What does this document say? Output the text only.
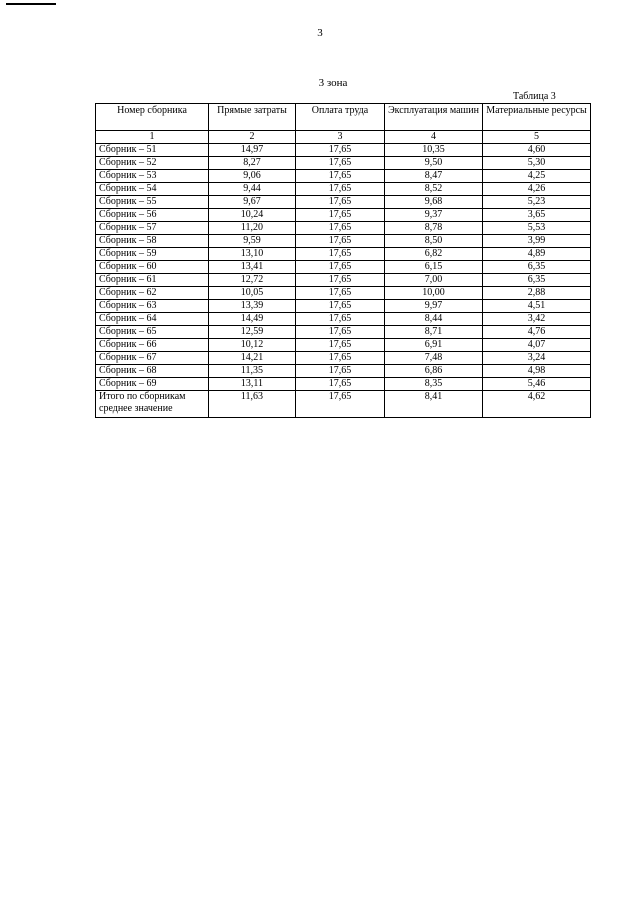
3
3 зона
Таблица 3
Номер сборника	Прямые затраты	Оплата труда	Эксплуатация машин	Материальные ресурсы
1	2	3	4	5
Сборник – 51	14,97	17,65	10,35	4,60
Сборник – 52	8,27	17,65	9,50	5,30
Сборник – 53	9,06	17,65	8,47	4,25
Сборник – 54	9,44	17,65	8,52	4,26
Сборник – 55	9,67	17,65	9,68	5,23
Сборник – 56	10,24	17,65	9,37	3,65
Сборник – 57	11,20	17,65	8,78	5,53
Сборник – 58	9,59	17,65	8,50	3,99
Сборник – 59	13,10	17,65	6,82	4,89
Сборник – 60	13,41	17,65	6,15	6,35
Сборник – 61	12,72	17,65	7,00	6,35
Сборник – 62	10,05	17,65	10,00	2,88
Сборник – 63	13,39	17,65	9,97	4,51
Сборник – 64	14,49	17,65	8,44	3,42
Сборник – 65	12,59	17,65	8,71	4,76
Сборник – 66	10,12	17,65	6,91	4,07
Сборник – 67	14,21	17,65	7,48	3,24
Сборник – 68	11,35	17,65	6,86	4,98
Сборник – 69	13,11	17,65	8,35	5,46
Итого по сборникам
среднее значение	11,63	17,65	8,41	4,62
